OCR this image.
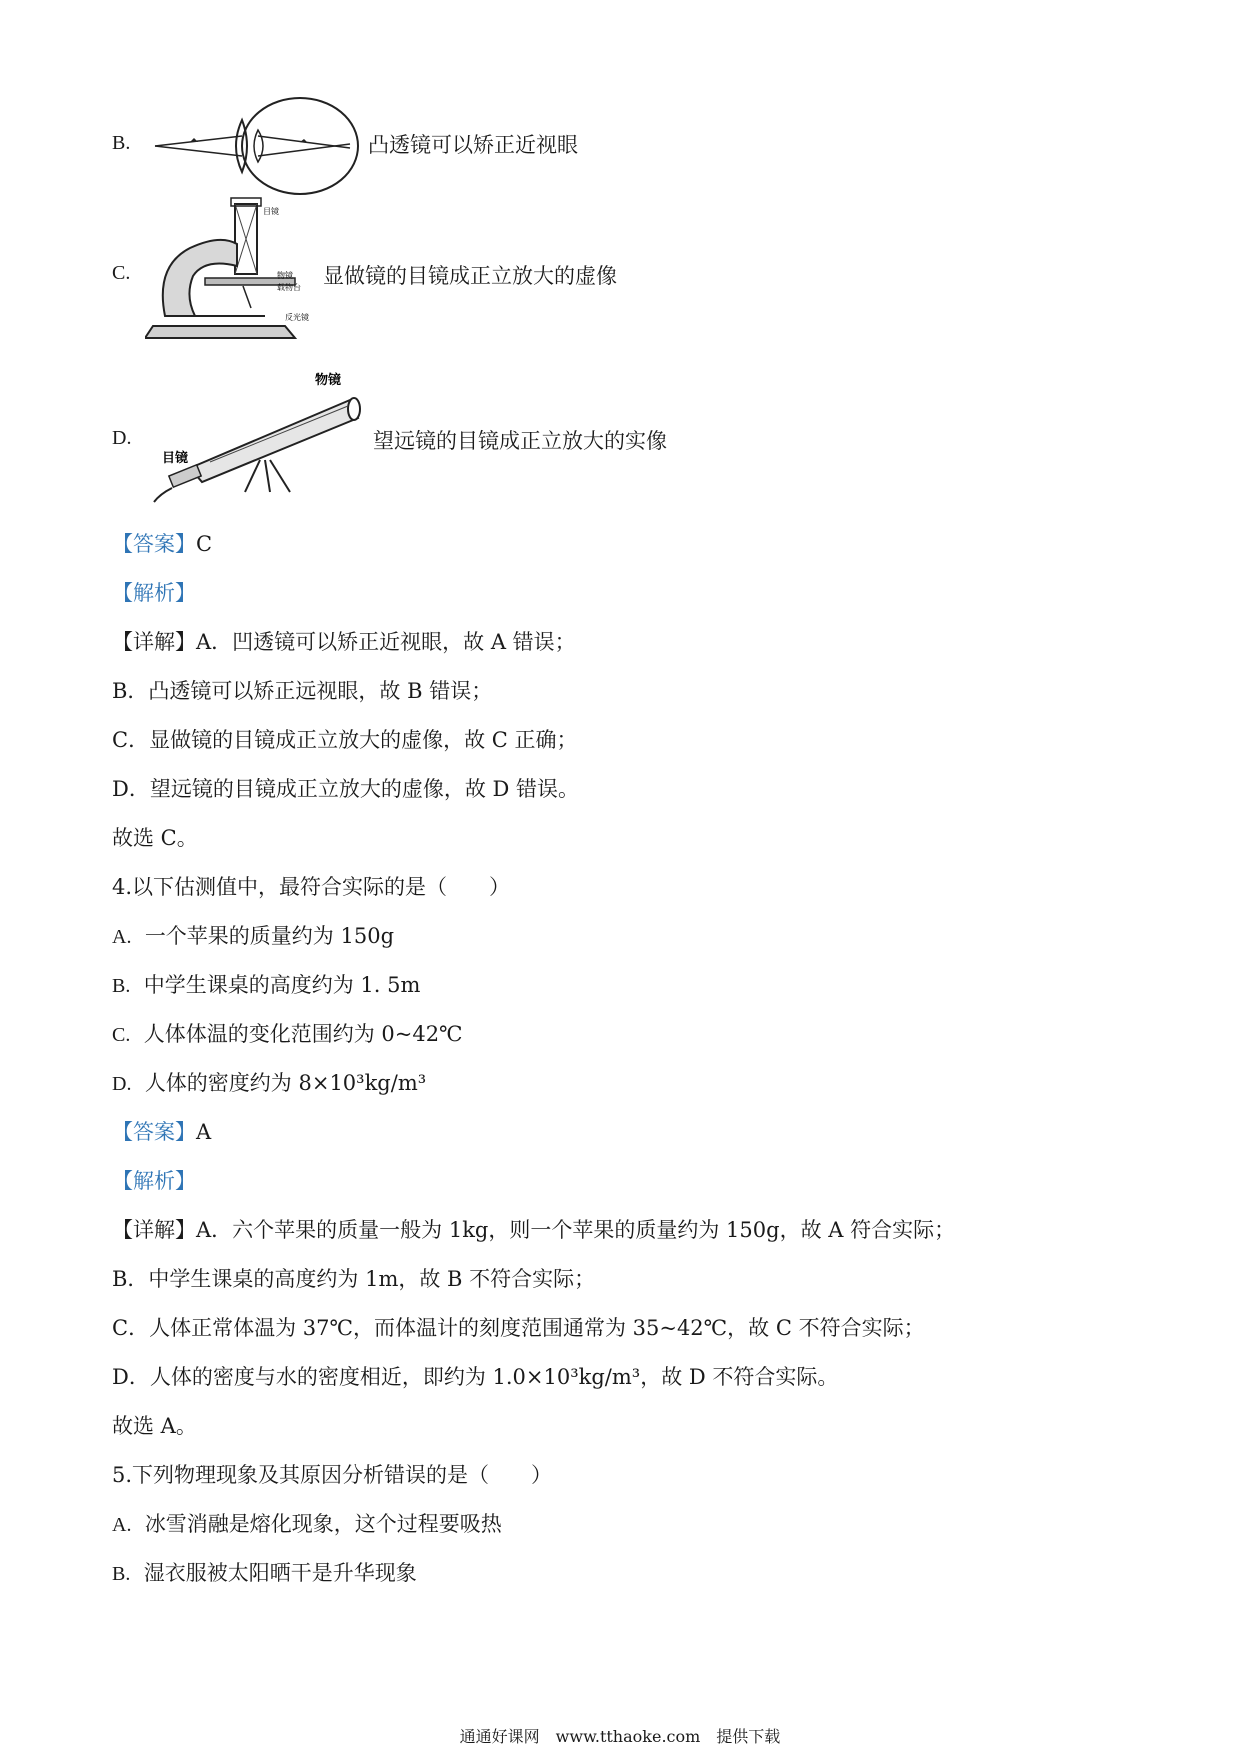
B.	凸透镜可以矫正近视眼
C.
目镜
物镜
载物台
反光镜
显做镜的目镜成正立放大的虚像
D.
物镜
目镜
望远镜的目镜成正立放大的实像
【答案】C
【解析】
【详解】A．凹透镜可以矫正近视眼，故 A 错误；
B．凸透镜可以矫正远视眼，故 B 错误；
C．显做镜的目镜成正立放大的虚像，故 C 正确；
D．望远镜的目镜成正立放大的虚像，故 D 错误。
故选 C。
4.以下估测值中，最符合实际的是（　　）
A. 一个苹果的质量约为 150g
B. 中学生课桌的高度约为 1. 5m
C. 人体体温的变化范围约为 0~42℃
D. 人体的密度约为 8×10³kg/m³
【答案】A
【解析】
【详解】A．六个苹果的质量一般为 1kg，则一个苹果的质量约为 150g，故 A 符合实际；
B．中学生课桌的高度约为 1m，故 B 不符合实际；
C．人体正常体温为 37℃，而体温计的刻度范围通常为 35~42℃，故 C 不符合实际；
D．人体的密度与水的密度相近，即约为 1.0×10³kg/m³，故 D 不符合实际。
故选 A。
5.下列物理现象及其原因分析错误的是（　　）
A. 冰雪消融是熔化现象，这个过程要吸热
B. 湿衣服被太阳晒干是升华现象
通通好课网　www.tthaoke.com　提供下载
